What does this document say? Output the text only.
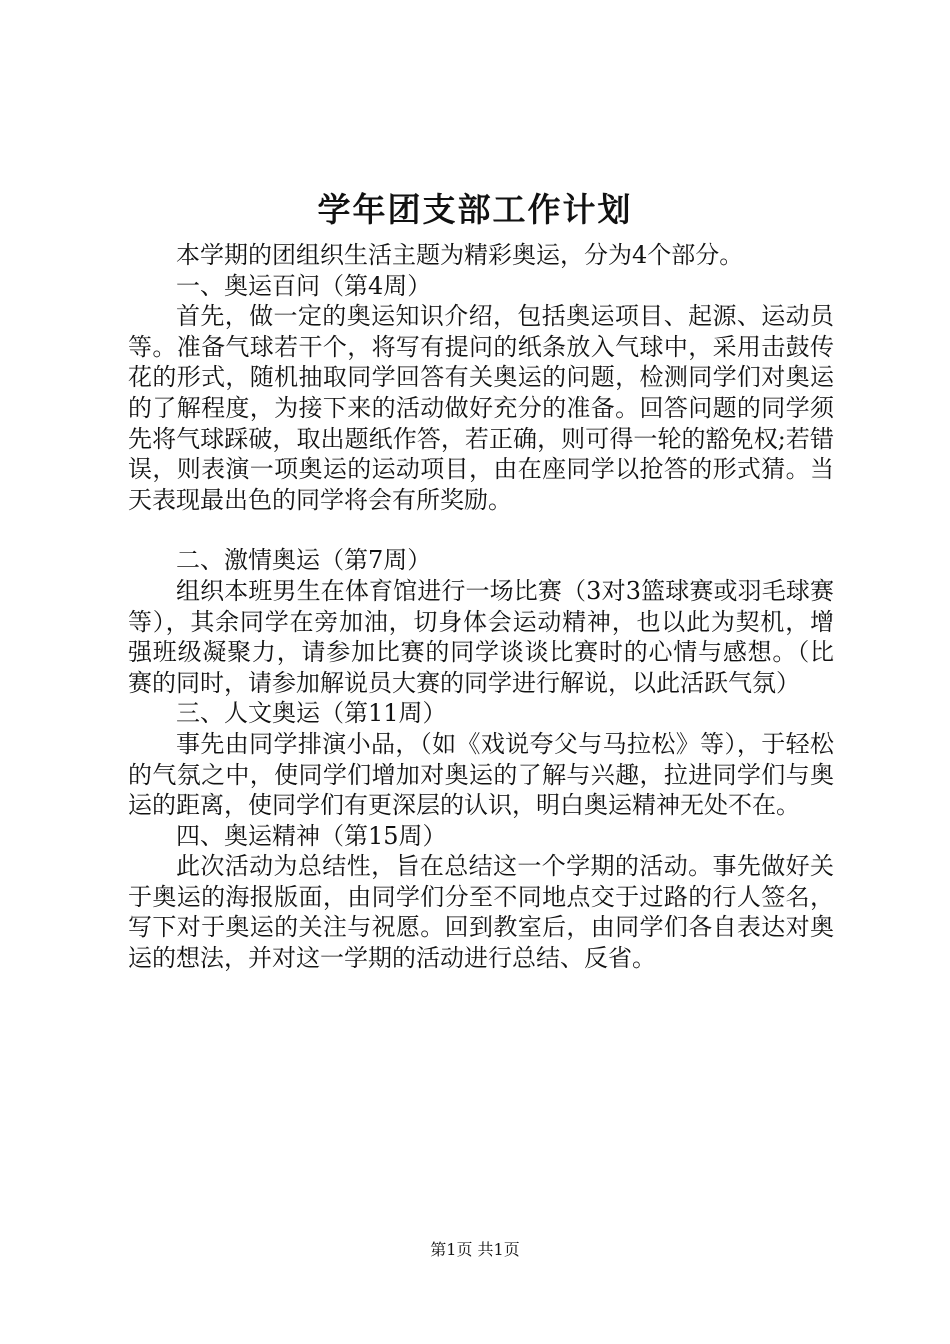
学年团支部工作计划

本学期的团组织生活主题为精彩奥运，分为4个部分。

一、奥运百问（第4周）

首先，做一定的奥运知识介绍，包括奥运项目、起源、运动员等。准备气球若干个，将写有提问的纸条放入气球中，采用击鼓传花的形式，随机抽取同学回答有关奥运的问题，检测同学们对奥运的了解程度，为接下来的活动做好充分的准备。回答问题的同学须先将气球踩破，取出题纸作答，若正确，则可得一轮的豁免权;若错误，则表演一项奥运的运动项目，由在座同学以抢答的形式猜。当天表现最出色的同学将会有所奖励。

二、激情奥运（第7周）

组织本班男生在体育馆进行一场比赛（3对3篮球赛或羽毛球赛等），其余同学在旁加油，切身体会运动精神，也以此为契机，增强班级凝聚力，请参加比赛的同学谈谈比赛时的心情与感想。（比赛的同时，请参加解说员大赛的同学进行解说，以此活跃气氛）

三、人文奥运（第11周）

事先由同学排演小品，（如《戏说夸父与马拉松》等），于轻松的气氛之中，使同学们增加对奥运的了解与兴趣，拉进同学们与奥运的距离，使同学们有更深层的认识，明白奥运精神无处不在。

四、奥运精神（第15周）

此次活动为总结性，旨在总结这一个学期的活动。事先做好关于奥运的海报版面，由同学们分至不同地点交于过路的行人签名，写下对于奥运的关注与祝愿。回到教室后，由同学们各自表达对奥运的想法，并对这一学期的活动进行总结、反省。

第1页 共1页
